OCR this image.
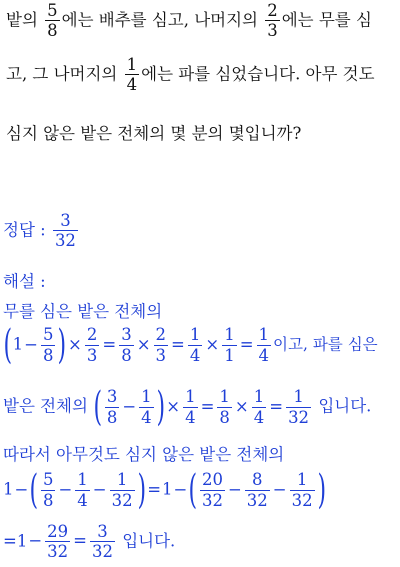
밭의 $\frac{5}{8}$ 에는 배추를 심고, 나머지의 $\frac{2}{3}$ 에는 무를 심
고, 그 나머지의 $\frac{1}{4}$ 에는 파를 심었습니다. 아무 것도
심지 않은 밭은 전체의 몇 분의 몇입니까?
정답 : $\frac{3}{32}$
해설 :
무를 심은 밭은 전체의
($1- \frac{5}{8}$ )× $\frac{2}{3} = \frac{3}{8} \times \frac{2}{3} = \frac{1}{4} \times \frac{1}{1} = \frac{1}{4}$ 이고, 파를 심은
밭은 전체의 ( $\frac{3}{8} - \frac{1}{4}$ )× $\frac{1}{4} = \frac{1}{8} \times \frac{1}{4} = \frac{1}{32}$ 입니다.
따라서 아무것도 심지 않은 밭은 전체의
$1-( \frac{5}{8} - \frac{1}{4} - \frac{1}{32} )=1-( \frac{20}{32} - \frac{8}{32} - \frac{1}{32}$ )
$=1- \frac{29}{32} = \frac{3}{32}$ 입니다.
